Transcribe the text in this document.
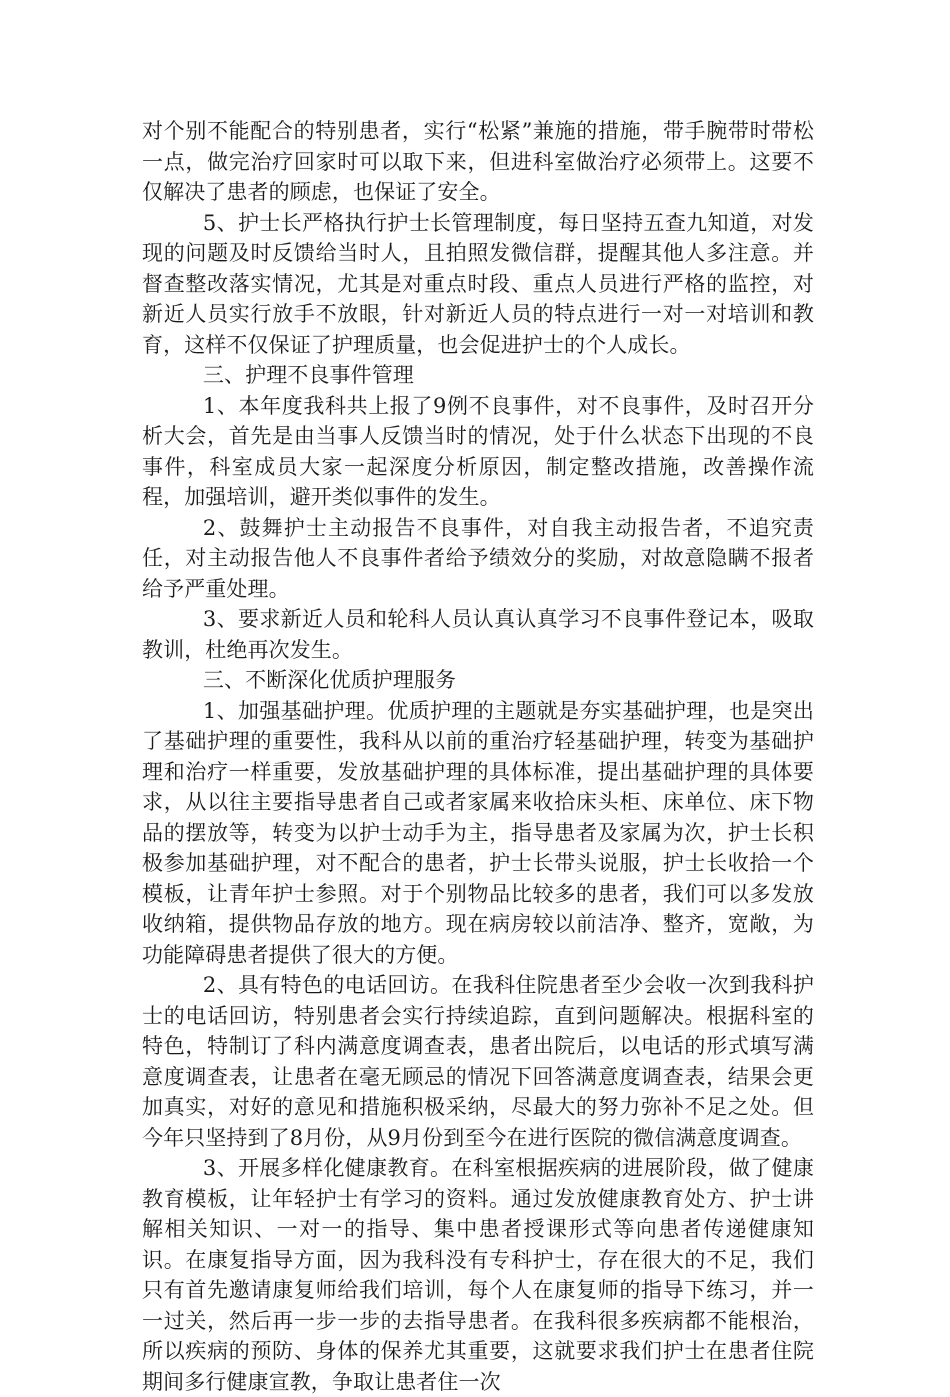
对个别不能配合的特别患者，实行“松紧”兼施的措施，带手腕带时带松一点，做完治疗回家时可以取下来，但进科室做治疗必须带上。这要不仅解决了患者的顾虑，也保证了安全。

5、护士长严格执行护士长管理制度，每日坚持五查九知道，对发现的问题及时反馈给当时人，且拍照发微信群，提醒其他人多注意。并督查整改落实情况，尤其是对重点时段、重点人员进行严格的监控，对新近人员实行放手不放眼，针对新近人员的特点进行一对一对培训和教育，这样不仅保证了护理质量，也会促进护士的个人成长。

三、护理不良事件管理

1、本年度我科共上报了9例不良事件，对不良事件，及时召开分析大会，首先是由当事人反馈当时的情况，处于什么状态下出现的不良事件，科室成员大家一起深度分析原因，制定整改措施，改善操作流程，加强培训，避开类似事件的发生。

2、鼓舞护士主动报告不良事件，对自我主动报告者，不追究责任，对主动报告他人不良事件者给予绩效分的奖励，对故意隐瞒不报者给予严重处理。

3、要求新近人员和轮科人员认真认真学习不良事件登记本，吸取教训，杜绝再次发生。

三、不断深化优质护理服务

1、加强基础护理。优质护理的主题就是夯实基础护理，也是突出了基础护理的重要性，我科从以前的重治疗轻基础护理，转变为基础护理和治疗一样重要，发放基础护理的具体标准，提出基础护理的具体要求，从以往主要指导患者自己或者家属来收拾床头柜、床单位、床下物品的摆放等，转变为以护士动手为主，指导患者及家属为次，护士长积极参加基础护理，对不配合的患者，护士长带头说服，护士长收拾一个模板，让青年护士参照。对于个别物品比较多的患者，我们可以多发放收纳箱，提供物品存放的地方。现在病房较以前洁净、整齐，宽敞，为功能障碍患者提供了很大的方便。

2、具有特色的电话回访。在我科住院患者至少会收一次到我科护士的电话回访，特别患者会实行持续追踪，直到问题解决。根据科室的特色，特制订了科内满意度调查表，患者出院后，以电话的形式填写满意度调查表，让患者在毫无顾忌的情况下回答满意度调查表，结果会更加真实，对好的意见和措施积极采纳，尽最大的努力弥补不足之处。但今年只坚持到了8月份，从9月份到至今在进行医院的微信满意度调查。

3、开展多样化健康教育。在科室根据疾病的进展阶段，做了健康教育模板，让年轻护士有学习的资料。通过发放健康教育处方、护士讲解相关知识、一对一的指导、集中患者授课形式等向患者传递健康知识。在康复指导方面，因为我科没有专科护士，存在很大的不足，我们只有首先邀请康复师给我们培训，每个人在康复师的指导下练习，并一一过关，然后再一步一步的去指导患者。在我科很多疾病都不能根治，所以疾病的预防、身体的保养尤其重要，这就要求我们护士在患者住院期间多行健康宣教，争取让患者住一次
